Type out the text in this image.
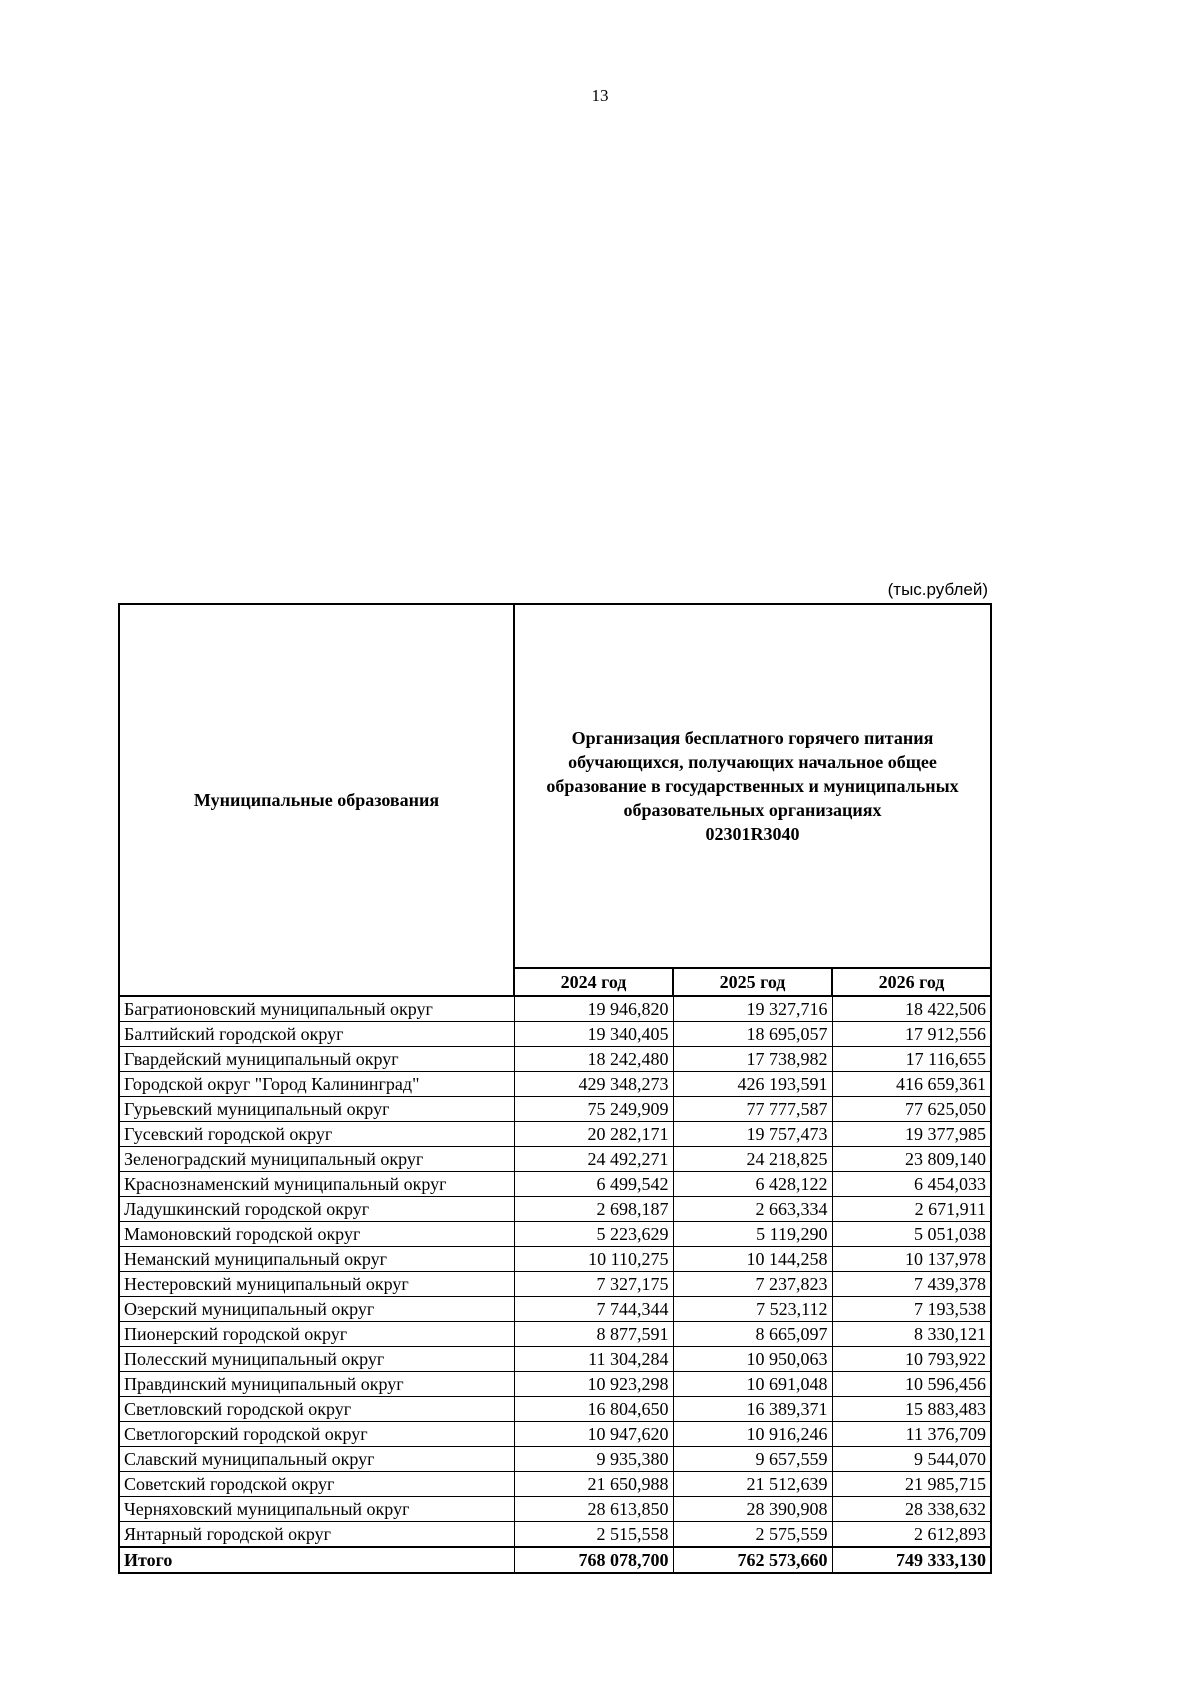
13
(тыс.рублей)
Муниципальные образования	Организация бесплатного горячего питания
обучающихся, получающих начальное общее
образование в государственных и муниципальных
образовательных организациях
02301R3040		

	2024 год	2025 год	2026 год
Багратионовский муниципальный округ	19 946,820	19 327,716	18 422,506
Балтийский городской округ	19 340,405	18 695,057	17 912,556
Гвардейский муниципальный округ	18 242,480	17 738,982	17 116,655
Городской округ "Город Калининград"	429 348,273	426 193,591	416 659,361
Гурьевский муниципальный округ	75 249,909	77 777,587	77 625,050
Гусевский городской округ	20 282,171	19 757,473	19 377,985
Зеленоградский муниципальный округ	24 492,271	24 218,825	23 809,140
Краснознаменский муниципальный округ	6 499,542	6 428,122	6 454,033
Ладушкинский городской округ	2 698,187	2 663,334	2 671,911
Мамоновский городской округ	5 223,629	5 119,290	5 051,038
Неманский муниципальный округ	10 110,275	10 144,258	10 137,978
Нестеровский муниципальный округ	7 327,175	7 237,823	7 439,378
Озерский муниципальный округ	7 744,344	7 523,112	7 193,538
Пионерский городской округ	8 877,591	8 665,097	8 330,121
Полесский муниципальный округ	11 304,284	10 950,063	10 793,922
Правдинский муниципальный округ	10 923,298	10 691,048	10 596,456
Светловский городской округ	16 804,650	16 389,371	15 883,483
Светлогорский городской округ	10 947,620	10 916,246	11 376,709
Славский муниципальный округ	9 935,380	9 657,559	9 544,070
Советский городской округ	21 650,988	21 512,639	21 985,715
Черняховский муниципальный округ	28 613,850	28 390,908	28 338,632
Янтарный городской округ	2 515,558	2 575,559	2 612,893
Итого	768 078,700	762 573,660	749 333,130
